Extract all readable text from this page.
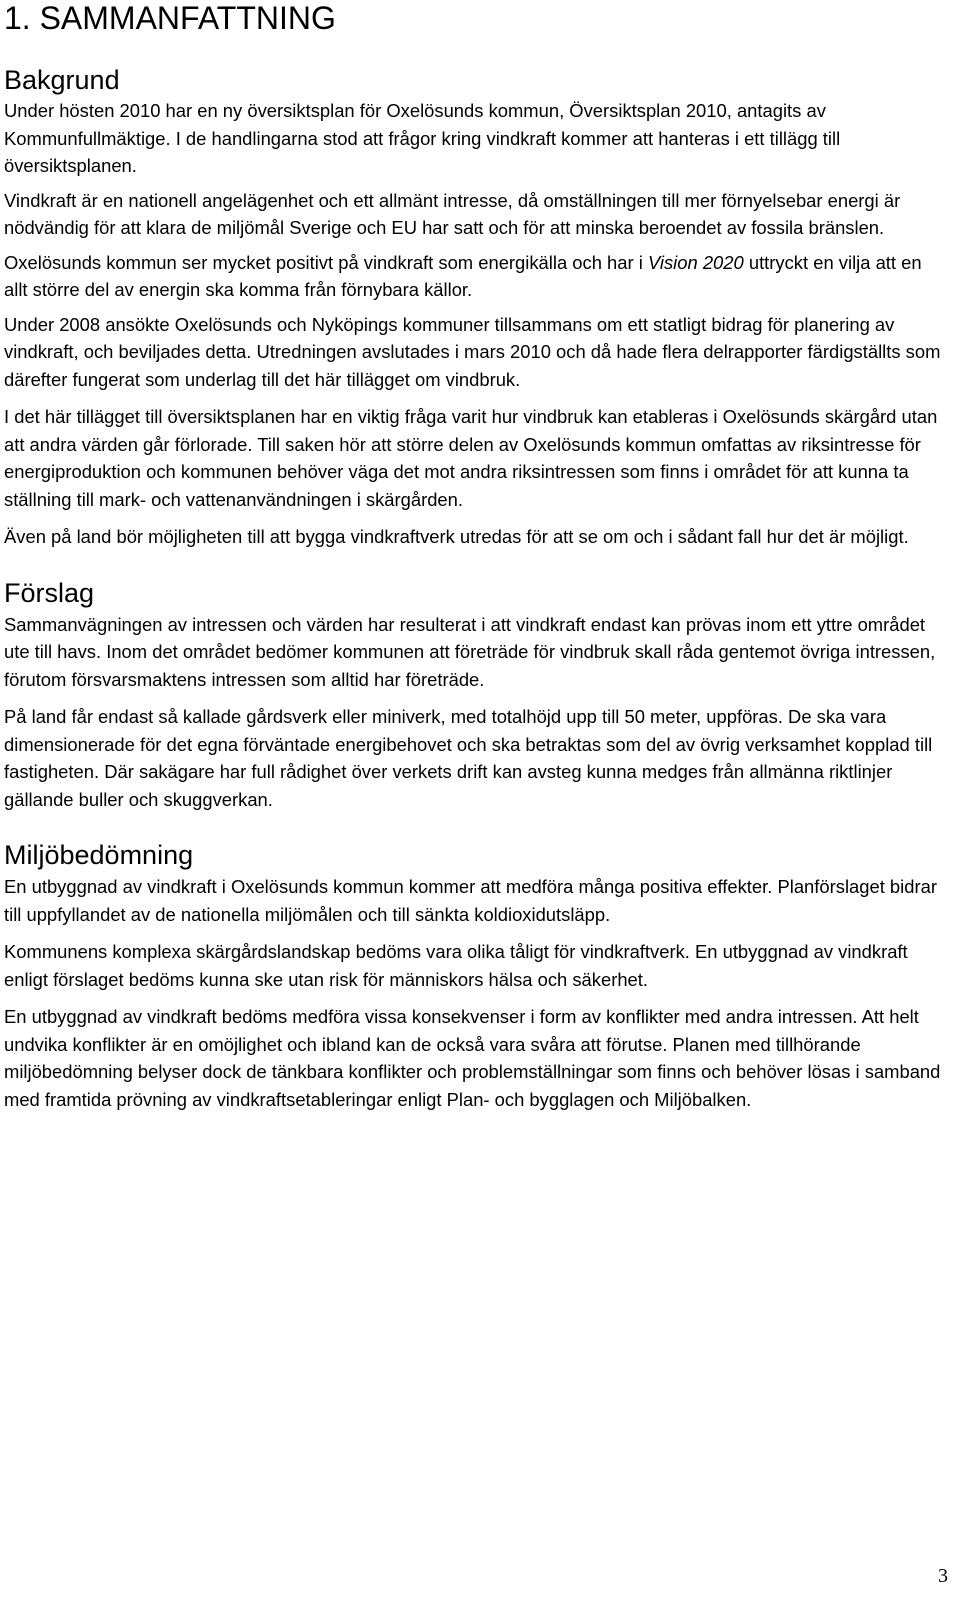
1. SAMMANFATTNING
Bakgrund

Under hösten 2010 har en ny översiktsplan för Oxelösunds kommun, Översiktsplan 2010, antagits av Kommunfullmäktige. I de handlingarna stod att frågor kring vindkraft kommer att hanteras i ett tillägg till översiktsplanen.

Vindkraft är en nationell angelägenhet och ett allmänt intresse, då omställningen till mer förnyelsebar energi är nödvändig för att klara de miljömål Sverige och EU har satt och för att minska beroendet av fossila bränslen.

Oxelösunds kommun ser mycket positivt på vindkraft som energikälla och har i Vision 2020 uttryckt en vilja att en allt större del av energin ska komma från förnybara källor.

Under 2008 ansökte Oxelösunds och Nyköpings kommuner tillsammans om ett statligt bidrag för planering av vindkraft, och beviljades detta. Utredningen avslutades i mars 2010 och då hade flera delrapporter färdigställts som därefter fungerat som underlag till det här tillägget om vindbruk.

I det här tillägget till översiktsplanen har en viktig fråga varit hur vindbruk kan etableras i Oxelösunds skärgård utan att andra värden går förlorade. Till saken hör att större delen av Oxelösunds kommun omfattas av riksintresse för energiproduktion och kommunen behöver väga det mot andra riksintressen som finns i området för att kunna ta ställning till mark- och vattenanvändningen i skärgården.

Även på land bör möjligheten till att bygga vindkraftverk utredas för att se om och i sådant fall hur det är möjligt.

Förslag

Sammanvägningen av intressen och värden har resulterat i att vindkraft endast kan prövas inom ett yttre området ute till havs. Inom det området bedömer kommunen att företräde för vindbruk skall råda gentemot övriga intressen, förutom försvarsmaktens intressen som alltid har företräde.

På land får endast så kallade gårdsverk eller miniverk, med totalhöjd upp till 50 meter, uppföras. De ska vara dimensionerade för det egna förväntade energibehovet och ska betraktas som del av övrig verksamhet kopplad till fastigheten. Där sakägare har full rådighet över verkets drift kan avsteg kunna medges från allmänna riktlinjer gällande buller och skuggverkan.

Miljöbedömning

En utbyggnad av vindkraft i Oxelösunds kommun kommer att medföra många positiva effekter. Planförslaget bidrar till uppfyllandet av de nationella miljömålen och till sänkta koldioxidutsläpp.

Kommunens komplexa skärgårdslandskap bedöms vara olika tåligt för vindkraftverk. En utbyggnad av vindkraft enligt förslaget bedöms kunna ske utan risk för människors hälsa och säkerhet.

En utbyggnad av vindkraft bedöms medföra vissa konsekvenser i form av konflikter med andra intressen. Att helt undvika konflikter är en omöjlighet och ibland kan de också vara svåra att förutse. Planen med tillhörande miljöbedömning belyser dock de tänkbara konflikter och problemställningar som finns och behöver lösas i samband med framtida prövning av vindkraftsetableringar enligt Plan- och bygglagen och Miljöbalken.

3
